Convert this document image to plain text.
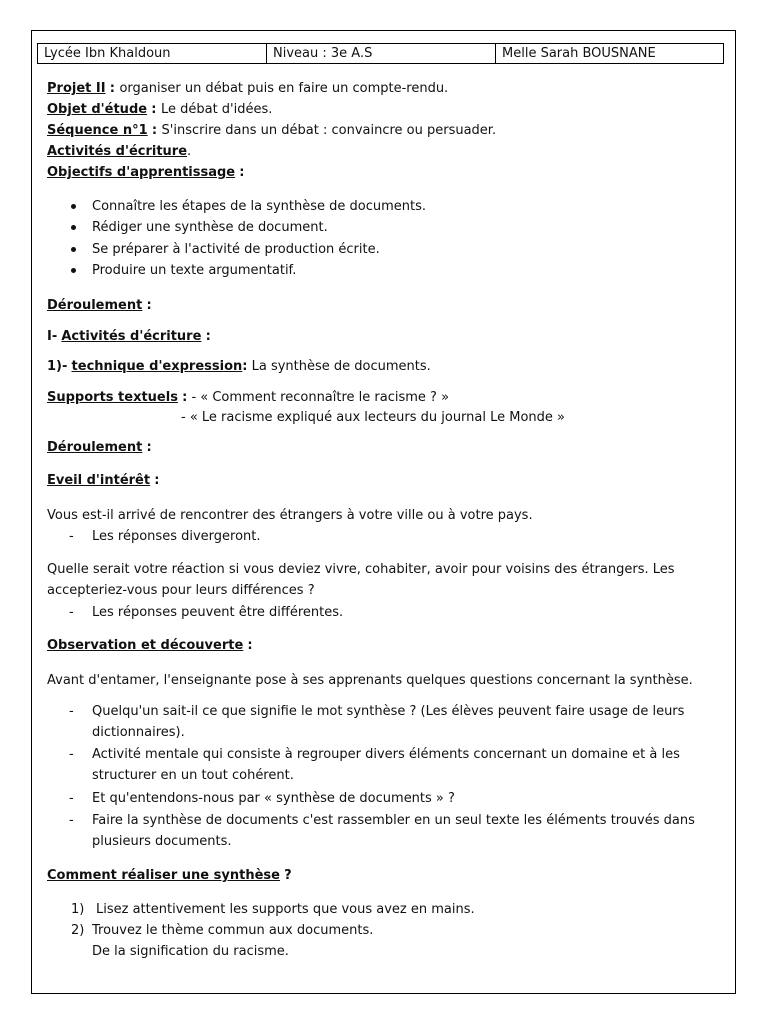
Lycée Ibn Khaldoun	Niveau : 3e A.S	Melle Sarah BOUSNANE
Projet II : organiser un débat puis en faire un compte-rendu.
Objet d'étude : Le débat d'idées.
Séquence n°1 : S'inscrire dans un débat : convaincre ou persuader.
Activités d'écriture.
Objectifs d'apprentissage :
Connaître les étapes de la synthèse de documents.
Rédiger une synthèse de document.
Se préparer à l'activité de production écrite.
Produire un texte argumentatif.
Déroulement :
I- Activités d'écriture :
1)- technique d'expression: La synthèse de documents.
Supports textuels : - « Comment reconnaître le racisme ? »
- « Le racisme expliqué aux lecteurs du journal Le Monde »
Déroulement :
Eveil d'intérêt :
Vous est-il arrivé de rencontrer des étrangers à votre ville ou à votre pays.
- Les réponses divergeront.
Quelle serait votre réaction si vous deviez vivre, cohabiter, avoir pour voisins des étrangers. Les accepteriez-vous pour leurs différences ?
- Les réponses peuvent être différentes.
Observation et découverte :
Avant d'entamer, l'enseignante pose à ses apprenants quelques questions concernant la synthèse.
- Quelqu'un sait-il ce que signifie le mot synthèse ? (Les élèves peuvent faire usage de leurs dictionnaires).
- Activité mentale qui consiste à regrouper divers éléments concernant un domaine et à les structurer en un tout cohérent.
- Et qu'entendons-nous par « synthèse de documents » ?
- Faire la synthèse de documents c'est rassembler en un seul texte les éléments trouvés dans plusieurs documents.
Comment réaliser une synthèse ?
1) Lisez attentivement les supports que vous avez en mains.
2) Trouvez le thème commun aux documents.
De la signification du racisme.
